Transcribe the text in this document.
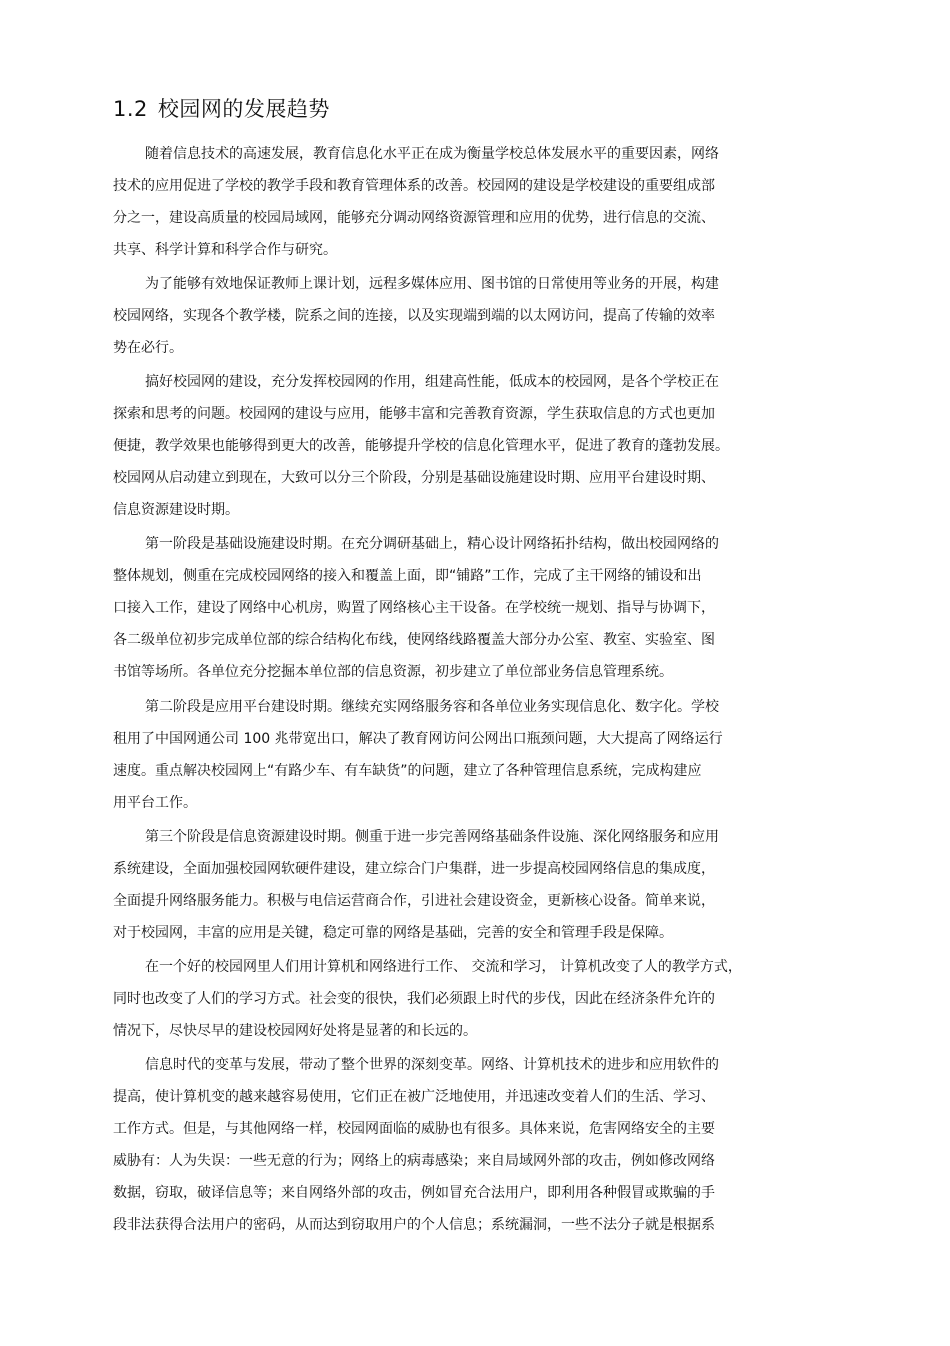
1.2 校园网的发展趋势

随着信息技术的高速发展，教育信息化水平正在成为衡量学校总体发展水平的重要因素，网络

技术的应用促进了学校的教学手段和教育管理体系的改善。校园网的建设是学校建设的重要组成部

分之一，建设高质量的校园局域网，能够充分调动网络资源管理和应用的优势，进行信息的交流、

共享、科学计算和科学合作与研究。

为了能够有效地保证教师上课计划，远程多媒体应用、图书馆的日常使用等业务的开展，构建

校园网络，实现各个教学楼，院系之间的连接，以及实现端到端的以太网访问，提高了传输的效率

势在必行。

搞好校园网的建设，充分发挥校园网的作用，组建高性能，低成本的校园网，是各个学校正在

探索和思考的问题。校园网的建设与应用，能够丰富和完善教育资源，学生获取信息的方式也更加

便捷，教学效果也能够得到更大的改善，能够提升学校的信息化管理水平，促进了教育的蓬勃发展。

校园网从启动建立到现在，大致可以分三个阶段，分别是基础设施建设时期、应用平台建设时期、

信息资源建设时期。

第一阶段是基础设施建设时期。在充分调研基础上，精心设计网络拓扑结构，做出校园网络的

整体规划，侧重在完成校园网络的接入和覆盖上面，即“铺路”工作，完成了主干网络的铺设和出

口接入工作，建设了网络中心机房，购置了网络核心主干设备。在学校统一规划、指导与协调下，

各二级单位初步完成单位部的综合结构化布线，使网络线路覆盖大部分办公室、教室、实验室、图

书馆等场所。各单位充分挖掘本单位部的信息资源，初步建立了单位部业务信息管理系统。

第二阶段是应用平台建设时期。继续充实网络服务容和各单位业务实现信息化、数字化。学校

租用了中国网通公司 100 兆带宽出口，解决了教育网访问公网出口瓶颈问题，大大提高了网络运行

速度。重点解决校园网上“有路少车、有车缺货”的问题，建立了各种管理信息系统，完成构建应

用平台工作。

第三个阶段是信息资源建设时期。侧重于进一步完善网络基础条件设施、深化网络服务和应用

系统建设，全面加强校园网软硬件建设，建立综合门户集群，进一步提高校园网络信息的集成度，

全面提升网络服务能力。积极与电信运营商合作，引进社会建设资金，更新核心设备。简单来说，

对于校园网，丰富的应用是关键，稳定可靠的网络是基础，完善的安全和管理手段是保障。

在一个好的校园网里人们用计算机和网络进行工作、 交流和学习， 计算机改变了人的教学方式，

同时也改变了人们的学习方式。社会变的很快，我们必须跟上时代的步伐，因此在经济条件允许的

情况下，尽快尽早的建设校园网好处将是显著的和长远的。

信息时代的变革与发展，带动了整个世界的深刻变革。网络、计算机技术的进步和应用软件的

提高，使计算机变的越来越容易使用，它们正在被广泛地使用，并迅速改变着人们的生活、学习、

工作方式。但是，与其他网络一样，校园网面临的威胁也有很多。具体来说，危害网络安全的主要

威胁有：人为失误：一些无意的行为；网络上的病毒感染；来自局域网外部的攻击，例如修改网络

数据，窃取，破译信息等；来自网络外部的攻击，例如冒充合法用户，即利用各种假冒或欺骗的手

段非法获得合法用户的密码，从而达到窃取用户的个人信息；系统漏洞，一些不法分子就是根据系
